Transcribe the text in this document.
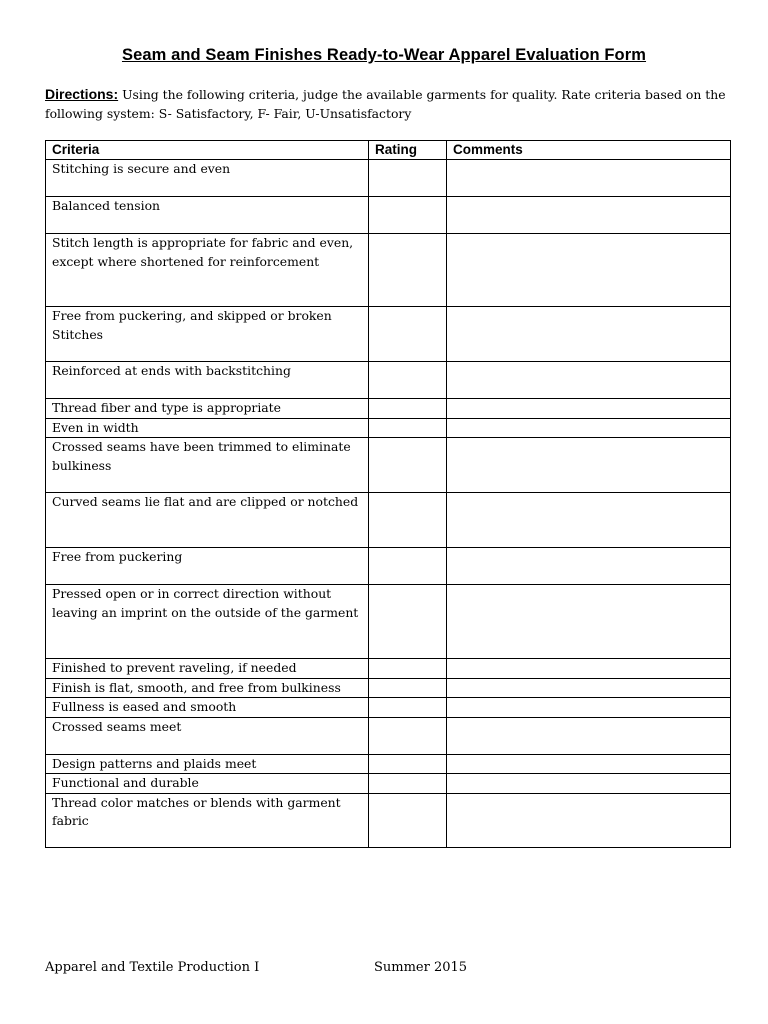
Seam and Seam Finishes Ready-to-Wear Apparel Evaluation Form
Directions: Using the following criteria, judge the available garments for quality. Rate criteria based on the following system: S- Satisfactory, F- Fair, U-Unsatisfactory
Criteria	Rating	Comments
Stitching is secure and even		
Balanced tension		
Stitch length is appropriate for fabric and even, except where shortened for reinforcement		
Free from puckering, and skipped or broken Stitches		
Reinforced at ends with backstitching		
Thread fiber and type is appropriate		
Even in width		
Crossed seams have been trimmed to eliminate bulkiness		
Curved seams lie flat and are clipped or notched		
Free from puckering		
Pressed open or in correct direction without leaving an imprint on the outside of the garment		
Finished to prevent raveling, if needed		
Finish is flat, smooth, and free from bulkiness		
Fullness is eased and smooth		
Crossed seams meet		
Design patterns and plaids meet		
Functional and durable		
Thread color matches or blends with garment fabric		
Apparel and Textile Production I	Summer 2015
